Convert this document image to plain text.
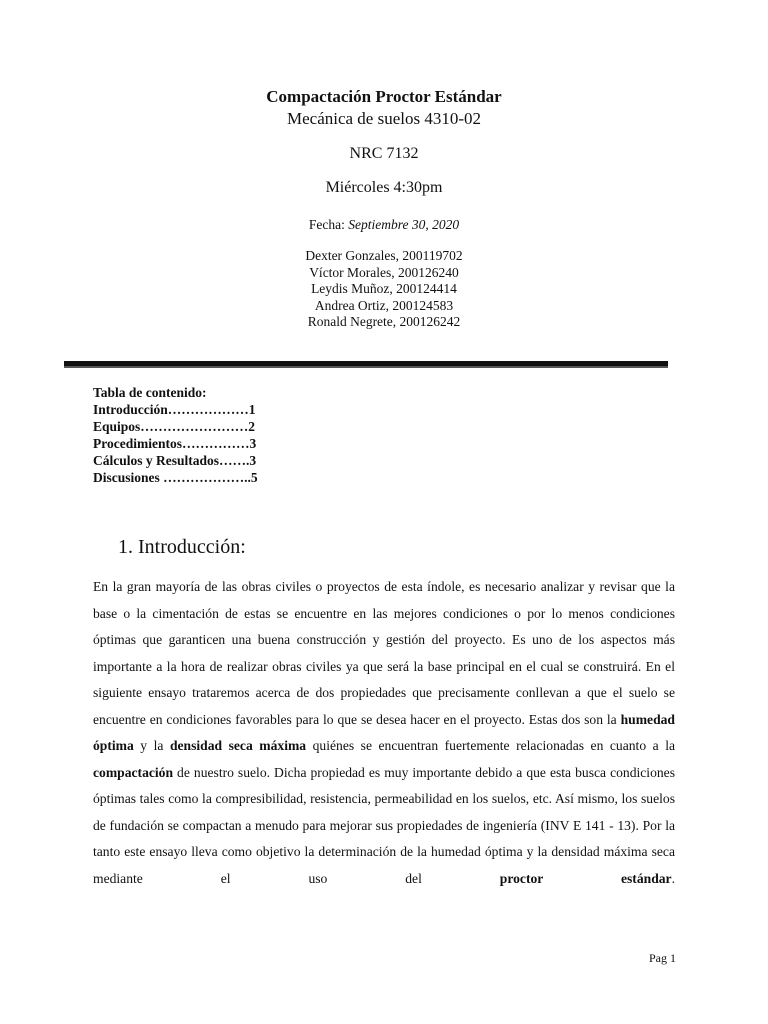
Compactación Proctor Estándar
Mecánica de suelos 4310-02
NRC 7132
Miércoles 4:30pm
Fecha: Septiembre 30, 2020
Dexter Gonzales, 200119702
Víctor Morales, 200126240
Leydis Muñoz, 200124414
Andrea Ortiz, 200124583
Ronald Negrete, 200126242
Tabla de contenido:
Introducción………………1
Equipos……………………2
Procedimientos……………3
Cálculos y Resultados…….3
Discusiones ………………..5
1. Introducción:

En la gran mayoría de las obras civiles o proyectos de esta índole, es necesario analizar y revisar que la base o la cimentación de estas se encuentre en las mejores condiciones o por lo menos condiciones óptimas que garanticen una buena construcción y gestión del proyecto. Es uno de los aspectos más importante a la hora de realizar obras civiles ya que será la base principal en el cual se construirá. En el siguiente ensayo trataremos acerca de dos propiedades que precisamente conllevan a que el suelo se encuentre en condiciones favorables para lo que se desea hacer en el proyecto. Estas dos son la humedad óptima y la densidad seca máxima quiénes se encuentran fuertemente relacionadas en cuanto a la compactación de nuestro suelo. Dicha propiedad es muy importante debido a que esta busca condiciones óptimas tales como la compresibilidad, resistencia, permeabilidad en los suelos, etc. Así mismo, los suelos de fundación se compactan a menudo para mejorar sus propiedades de ingeniería (INV E 141 - 13). Por la tanto este ensayo lleva como objetivo la determinación de la humedad óptima y la densidad máxima seca mediante el uso del proctor estándar.

Pag 1
